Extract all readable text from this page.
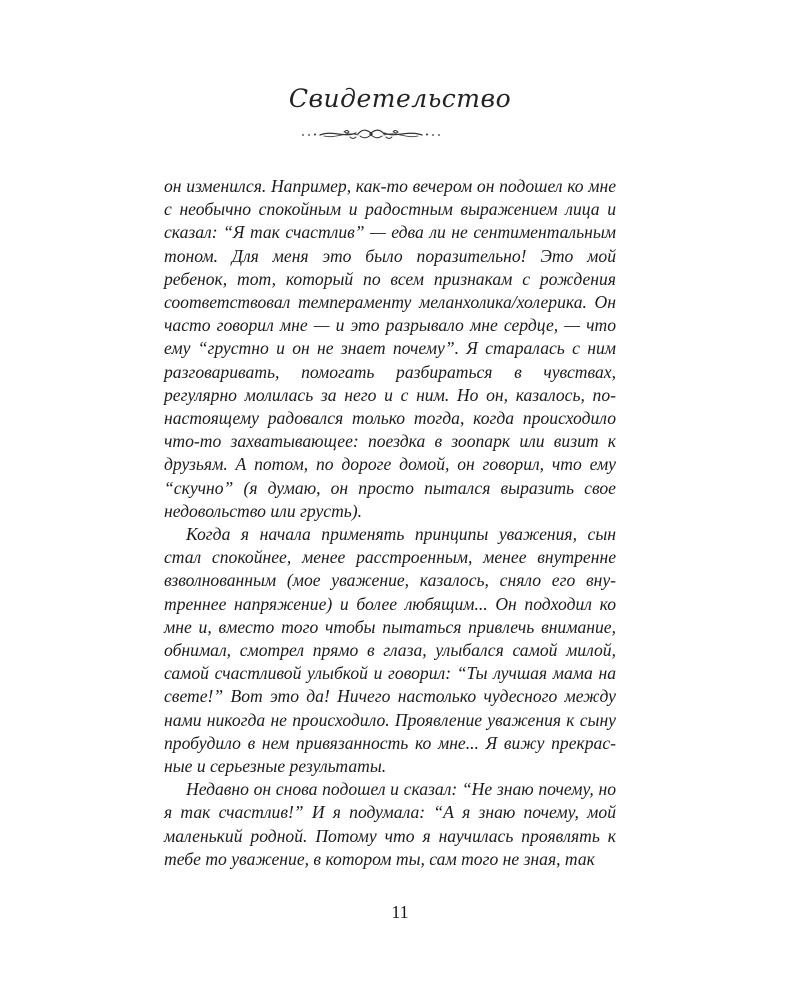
Свидетельство

он изменился. Например, как-то вечером он подошел ко мне с необычно спокойным и радостным выражением лица и сказал: “Я так счастлив” — едва ли не сентиментальным тоном. Для меня это было поразительно! Это мой ребенок, тот, который по всем признакам с рождения соответствовал темпераменту меланхолика/холерика. Он часто говорил мне — и это разрывало мне сердце, — что ему “грустно и он не знает почему”. Я старалась с ним разговаривать, помогать разбираться в чувствах, регулярно молилась за него и с ним. Но он, казалось, по-настоящему радовался только тогда, когда происходило что-то захватывающее: поездка в зоопарк или визит к друзьям. А потом, по дороге домой, он говорил, что ему “скучно” (я думаю, он просто пытался выразить свое недовольство или грусть).

Когда я начала применять принципы уважения, сын стал спокойнее, менее расстроенным, менее внутренне взволнованным (мое уважение, казалось, сняло его внутреннее напряжение) и более любящим... Он подходил ко мне и, вместо того чтобы пытаться привлечь внимание, обнимал, смотрел прямо в глаза, улыбался самой милой, самой счастливой улыбкой и говорил: “Ты лучшая мама на свете!” Вот это да! Ничего настолько чудесного между нами никогда не происходило. Проявление уважения к сыну пробудило в нем привязанность ко мне... Я вижу прекрасные и серьезные результаты.

Недавно он снова подошел и сказал: “Не знаю почему, но я так счастлив!” И я подумала: “А я знаю почему, мой маленький родной. Потому что я научилась проявлять к тебе то уважение, в котором ты, сам того не зная, так

11
